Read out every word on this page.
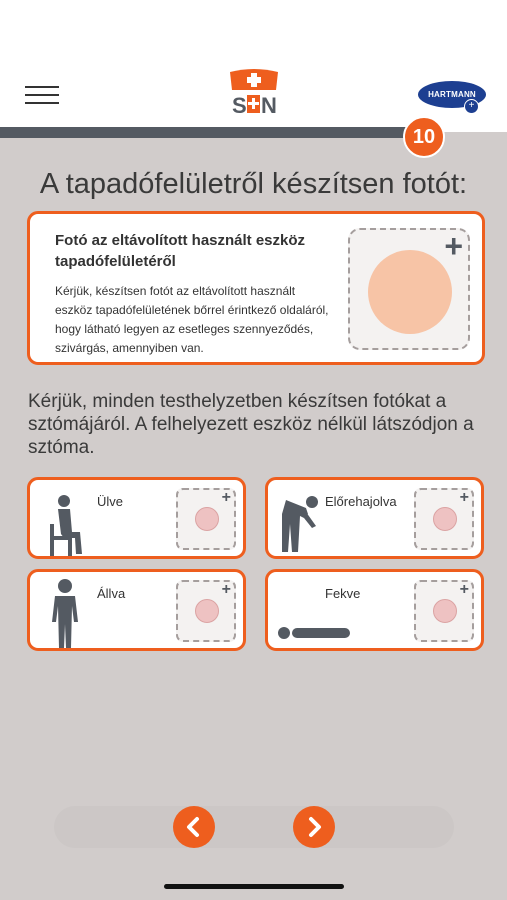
S N	HARTMANN
+
10
A tapadófelületről készítsen fotót:
Fotó az eltávolított használt eszköz tapadófelületéről
Kérjük, készítsen fotót az eltávolított használt eszköz tapadófelületének bőrrel érintkező oldaláról, hogy látható legyen az esetleges szennyeződés, szivárgás, amennyiben van.
+
Kérjük, minden testhelyzetben készítsen fotókat a sztómájáról. A felhelyezett eszköz nélkül látszódjon a sztóma.
Ülve	+	Előrehajolva	+
Állva	+	Fekve	+
